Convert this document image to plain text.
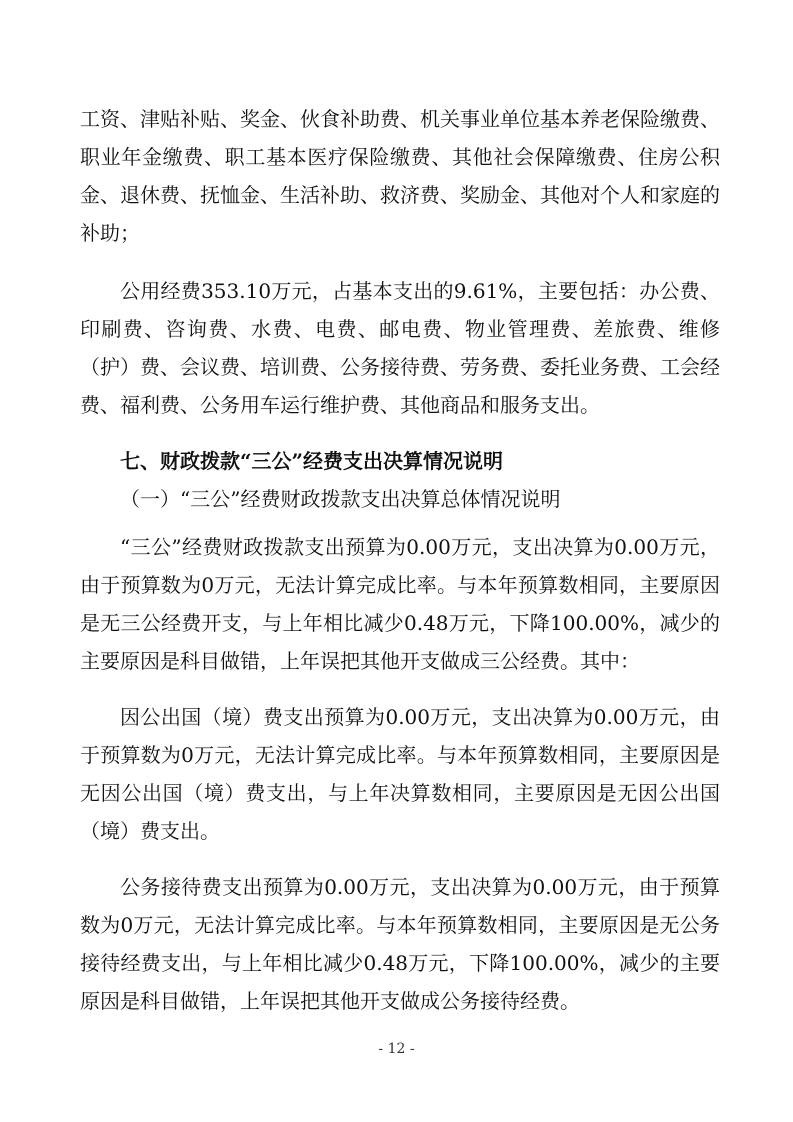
工资、津贴补贴、奖金、伙食补助费、机关事业单位基本养老保险缴费、职业年金缴费、职工基本医疗保险缴费、其他社会保障缴费、住房公积金、退休费、抚恤金、生活补助、救济费、奖励金、其他对个人和家庭的补助；

公用经费353.10万元，占基本支出的9.61%，主要包括：办公费、印刷费、咨询费、水费、电费、邮电费、物业管理费、差旅费、维修（护）费、会议费、培训费、公务接待费、劳务费、委托业务费、工会经费、福利费、公务用车运行维护费、其他商品和服务支出。

七、财政拨款“三公”经费支出决算情况说明

（一）“三公”经费财政拨款支出决算总体情况说明

“三公”经费财政拨款支出预算为0.00万元，支出决算为0.00万元，由于预算数为0万元，无法计算完成比率。与本年预算数相同，主要原因是无三公经费开支，与上年相比减少0.48万元，下降100.00%，减少的主要原因是科目做错，上年误把其他开支做成三公经费。其中：

因公出国（境）费支出预算为0.00万元，支出决算为0.00万元，由于预算数为0万元，无法计算完成比率。与本年预算数相同，主要原因是无因公出国（境）费支出，与上年决算数相同，主要原因是无因公出国（境）费支出。

公务接待费支出预算为0.00万元，支出决算为0.00万元，由于预算数为0万元，无法计算完成比率。与本年预算数相同，主要原因是无公务接待经费支出，与上年相比减少0.48万元，下降100.00%，减少的主要原因是科目做错，上年误把其他开支做成公务接待经费。

- 12 -
